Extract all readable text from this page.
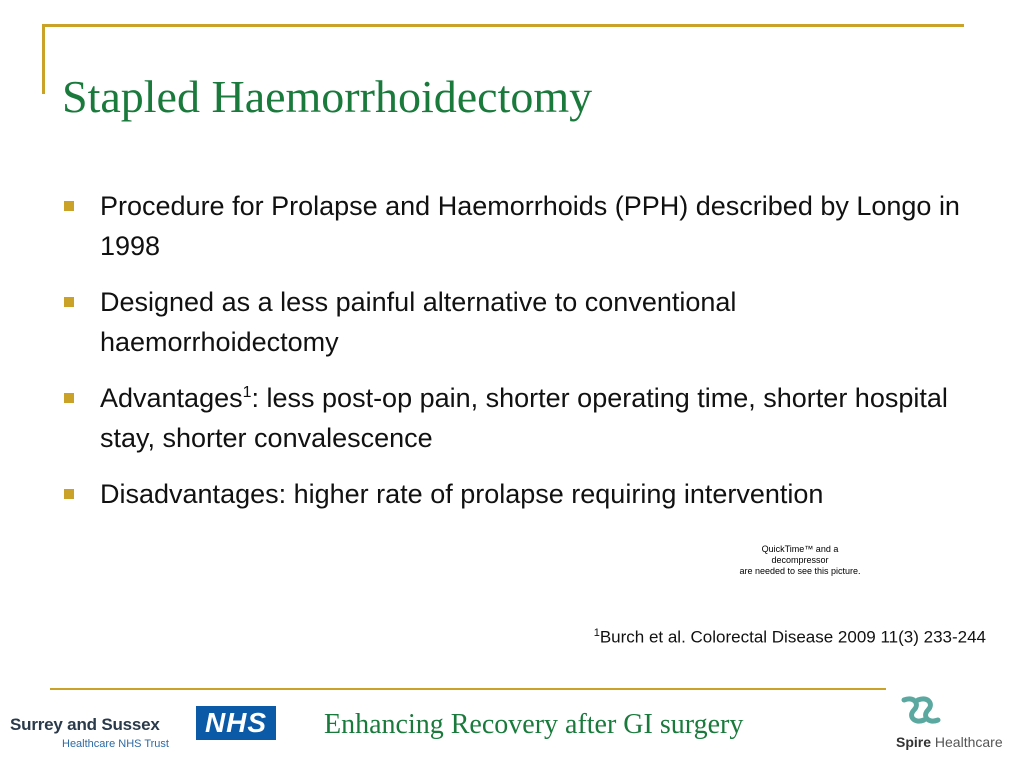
Stapled Haemorrhoidectomy
Procedure for Prolapse and Haemorrhoids (PPH) described by Longo in 1998
Designed as a less painful alternative to conventional haemorrhoidectomy
Advantages$^1$: less post-op pain, shorter operating time, shorter hospital stay, shorter convalescence
Disadvantages: higher rate of prolapse requiring intervention
QuickTime™ and a
decompressor
are needed to see this picture.
$^1$Burch et al. Colorectal Disease 2009 11(3) 233-244
Surrey and Sussex
Healthcare NHS Trust
NHS	Enhancing Recovery after GI surgery
Spire Healthcare
